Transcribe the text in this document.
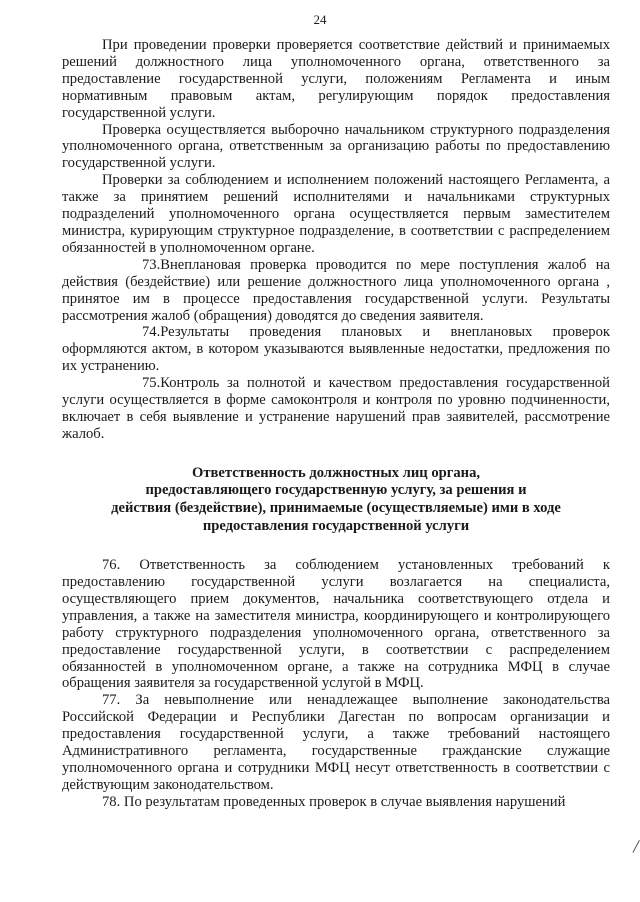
24

При проведении проверки проверяется соответствие действий и принимаемых решений должностного лица уполномоченного органа, ответственного за предоставление государственной услуги, положениям Регламента и иным нормативным правовым актам, регулирующим порядок предоставления государственной услуги.

Проверка осуществляется выборочно начальником структурного подразделения уполномоченного органа, ответственным за организацию работы по предоставлению государственной услуги.

Проверки за соблюдением и исполнением положений настоящего Регламента, а также за принятием решений исполнителями и начальниками структурных подразделений уполномоченного органа осуществляется первым заместителем министра, курирующим структурное подразделение, в соответствии с распределением обязанностей в уполномоченном органе.

73.Внеплановая проверка проводится по мере поступления жалоб на действия (бездействие) или решение должностного лица уполномоченного органа , принятое им в процессе предоставления государственной услуги. Результаты рассмотрения жалоб (обращения) доводятся до сведения заявителя.

74.Результаты проведения плановых и внеплановых проверок оформляются актом, в котором указываются выявленные недостатки, предложения по их устранению.

75.Контроль за полнотой и качеством предоставления государственной услуги осуществляется в форме самоконтроля и контроля по уровню подчиненности, включает в себя выявление и устранение нарушений прав заявителей, рассмотрение жалоб.

Ответственность должностных лиц органа,
предоставляющего государственную услугу, за решения и
действия (бездействие), принимаемые (осуществляемые) ими в ходе
предоставления государственной услуги

76. Ответственность за соблюдением установленных требований к предоставлению государственной услуги возлагается на специалиста, осуществляющего прием документов, начальника соответствующего отдела и управления, а также на заместителя министра, координирующего и контролирующего работу структурного подразделения уполномоченного органа, ответственного за предоставление государственной услуги, в соответствии с распределением обязанностей в уполномоченном органе, а также на сотрудника МФЦ в случае обращения заявителя за государственной услугой в МФЦ.

77. За невыполнение или ненадлежащее выполнение законодательства Российской Федерации и Республики Дагестан по вопросам организации и предоставления государственной услуги, а также требований настоящего Административного регламента, государственные гражданские служащие уполномоченного органа и сотрудники МФЦ несут ответственность в соответствии с действующим законодательством.

78. По результатам проведенных проверок в случае выявления нарушений
